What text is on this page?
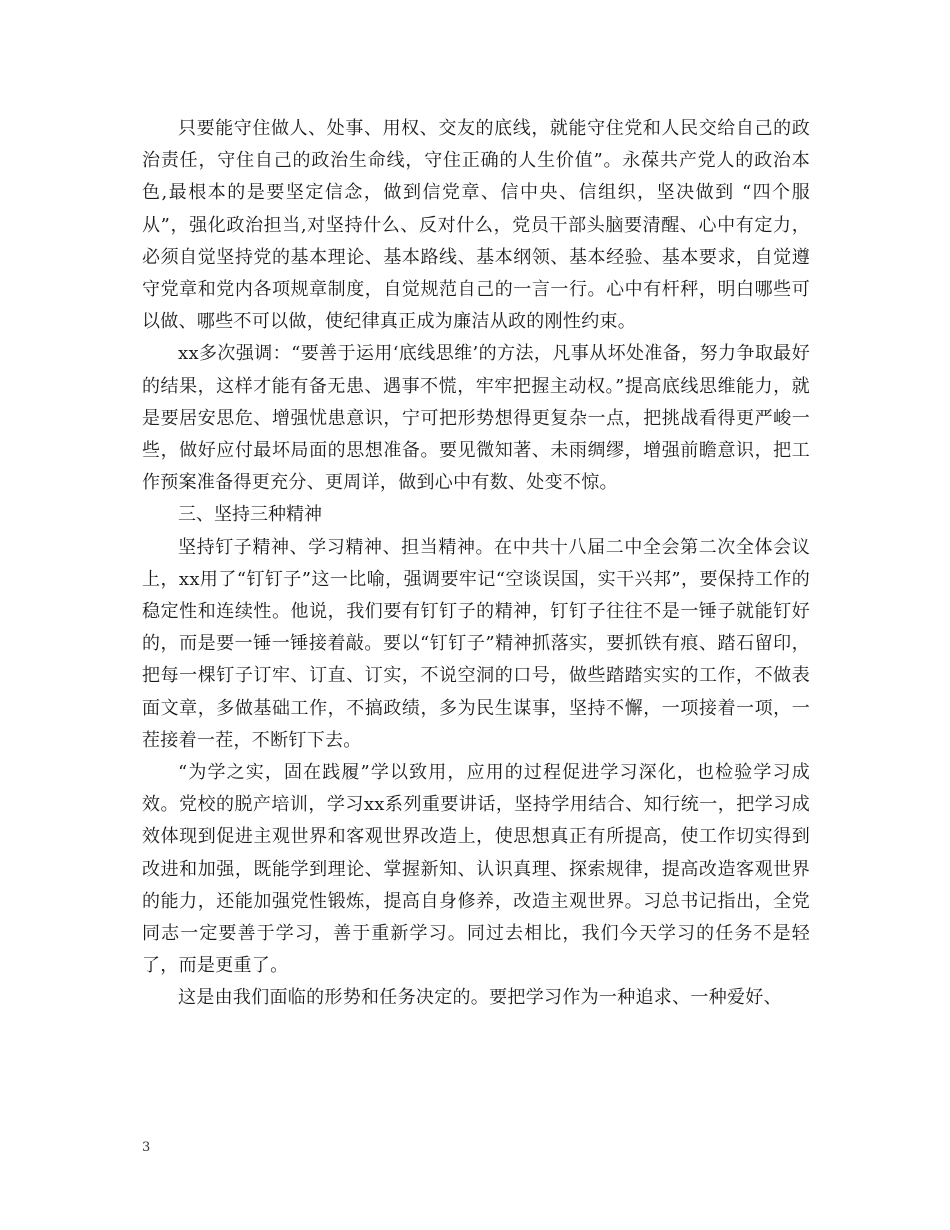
只要能守住做人、处事、用权、交友的底线，就能守住党和人民交给自己的政治责任，守住自己的政治生命线，守住正确的人生价值”。永葆共产党人的政治本色,最根本的是要坚定信念，做到信党章、信中央、信组织，坚决做到 “四个服从”，强化政治担当,对坚持什么、反对什么，党员干部头脑要清醒、心中有定力，必须自觉坚持党的基本理论、基本路线、基本纲领、基本经验、基本要求，自觉遵守党章和党内各项规章制度，自觉规范自己的一言一行。心中有杆秤，明白哪些可以做、哪些不可以做，使纪律真正成为廉洁从政的刚性约束。

xx多次强调：“要善于运用‘底线思维’的方法，凡事从坏处准备，努力争取最好的结果，这样才能有备无患、遇事不慌，牢牢把握主动权。”提高底线思维能力，就是要居安思危、增强忧患意识，宁可把形势想得更复杂一点，把挑战看得更严峻一些，做好应付最坏局面的思想准备。要见微知著、未雨绸缪，增强前瞻意识，把工作预案准备得更充分、更周详，做到心中有数、处变不惊。

三、坚持三种精神

坚持钉子精神、学习精神、担当精神。在中共十八届二中全会第二次全体会议上，xx用了“钉钉子”这一比喻，强调要牢记“空谈误国，实干兴邦”，要保持工作的稳定性和连续性。他说，我们要有钉钉子的精神，钉钉子往往不是一锤子就能钉好的，而是要一锤一锤接着敲。要以“钉钉子”精神抓落实，要抓铁有痕、踏石留印，把每一棵钉子订牢、订直、订实，不说空洞的口号，做些踏踏实实的工作，不做表面文章，多做基础工作，不搞政绩，多为民生谋事，坚持不懈，一项接着一项，一茬接着一茬，不断钉下去。

“为学之实，固在践履”学以致用，应用的过程促进学习深化，也检验学习成效。党校的脱产培训，学习xx系列重要讲话，坚持学用结合、知行统一，把学习成效体现到促进主观世界和客观世界改造上，使思想真正有所提高，使工作切实得到改进和加强，既能学到理论、掌握新知、认识真理、探索规律，提高改造客观世界的能力，还能加强党性锻炼，提高自身修养，改造主观世界。习总书记指出，全党同志一定要善于学习，善于重新学习。同过去相比，我们今天学习的任务不是轻了，而是更重了。

这是由我们面临的形势和任务决定的。要把学习作为一种追求、一种爱好、

3
